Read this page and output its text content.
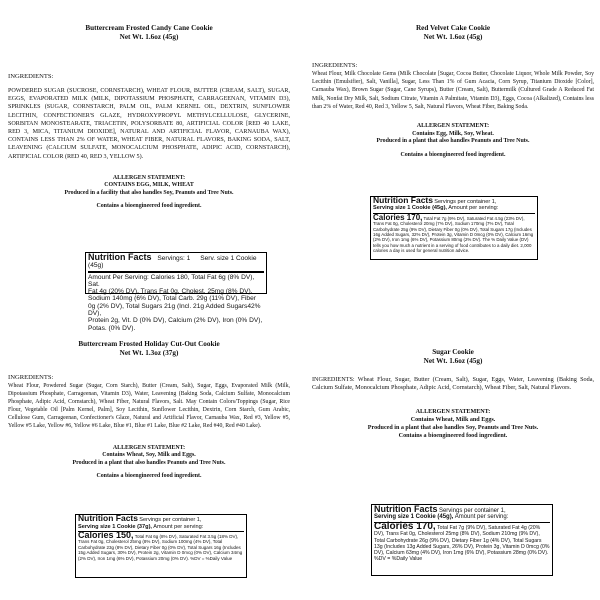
Buttercream Frosted Candy Cane Cookie
Net Wt. 1.6oz (45g)
INGREDIENTS:
POWDERED SUGAR (SUCROSE, CORNSTARCH), WHEAT FLOUR, BUTTER (CREAM, SALT), SUGAR, EGGS, EVAPORATED MILK (MILK, DIPOTASSIUM PHOSPHATE, CARRAGEENAN, VITAMIN D3), SPRINKLES (SUGAR, CORNSTARCH, PALM OIL, PALM KERNEL OIL, DEXTRIN, SUNFLOWER LECITHIN, CONFECTIONER'S GLAZE, HYDROXYPROPYL METHYLCELLULOSE, GLYCERINE, SORBITAN MONOSTEARATE, TRIACETIN, POLYSORBATE 80, ARTIFICIAL COLOR [RED 40 LAKE, RED 3, MICA, TITANIUM DIOXIDE], NATURAL AND ARTIFICIAL FLAVOR, CARNAUBA WAX), CONTAINS LESS THAN 2% OF WATER, WHEAT FIBER, NATURAL FLAVORS, BAKING SODA, SALT, LEAVENING (CALCIUM SULFATE, MONOCALCIUM PHOSPHATE, ADIPIC ACID, CORNSTARCH), ARTIFICIAL COLOR (RED 40, RED 3, YELLOW 5).
ALLERGEN STATEMENT:
CONTAINS EGG, MILK, WHEAT
Produced in a facility that also handles Soy, Peanuts and Tree Nuts.
Contains a bioengineered food ingredient.
Nutrition Facts Servings: 1 Serv. size 1 Cookie (45g)
Amount Per Serving: Calories 180, Total Fat 6g (8% DV), Sat.
Fat 4g (20% DV), Trans Fat 0g, Cholest. 25mg (8% DV),
Sodium 140mg (6% DV), Total Carb. 29g (11% DV), Fiber
0g (2% DV), Total Sugars 21g (Incl. 21g Added Sugars42% DV),
Protein 2g, Vit. D (0% DV), Calcium (2% DV), Iron (0% DV),
Potas. (0% DV).
Red Velvet Cake Cookie
Net Wt. 1.6oz (45g)
INGREDIENTS:
Wheat Flour, Milk Chocolate Gems (Milk Chocolate [Sugar, Cocoa Butter, Chocolate Liquor, Whole Milk Powder, Soy Lecithin (Emulsifier), Salt, Vanilla], Sugar, Less Than 1% of Gum Acacia, Corn Syrup, Titanium Dioxide [Color], Carnauba Wax), Brown Sugar (Sugar, Cane Syrups), Butter (Cream, Salt), Buttermilk (Cultured Grade A Reduced Fat Milk, Nonfat Dry Milk, Salt, Sodium Citrate, Vitamin A Palmitate, Vitamin D3), Eggs, Cocoa (Alkalized), Contains less than 2% of Water, Red 40, Red 3, Yellow 5, Salt, Natural Flavors, Wheat Fiber, Baking Soda.
ALLERGEN STATEMENT:
Contains Egg, Milk, Soy, Wheat.
Produced in a plant that also handles Peanuts and Tree Nuts.
Contains a bioengineered food ingredient.
Nutrition Facts Servings per container 1,
Serving size 1 Cookie (45g), Amount per serving:
Calories 170, Total Fat 7g (9% DV), Saturated Fat 4.5g (23% DV), Trans Fat 0g, Cholesterol 20mg (7% DV), Sodium 170mg (7% DV), Total Carbohydrate 25g (9% DV), Dietary Fiber 0g (0% DV), Total Sugars 17g (Includes 16g Added Sugars, 32% DV), Protein 3g, Vitamin D 0mcg (0% DV), Calcium 16mg (2% DV), Iron 1mg (6% DV), Potassium 80mg (2% DV). The % Daily Value (DV) tells you how much a nutrient in a serving of food contributes to a daily diet. 2,000 calories a day is used for general nutrition advice.
Buttercream Frosted Holiday Cut-Out Cookie
Net Wt. 1.3oz (37g)
INGREDIENTS:
Wheat Flour, Powdered Sugar (Sugar, Corn Starch), Butter (Cream, Salt), Sugar, Eggs, Evaporated Milk (Milk, Dipotassium Phosphate, Carrageenan, Vitamin D3), Water, Leavening (Baking Soda, Calcium Sulfate, Monocalcium Phosphate, Adipic Acid, Cornstarch), Wheat Fiber, Natural Flavors, Salt. May Contain Colors/Toppings (Sugar, Rice Flour, Vegetable Oil [Palm Kernel, Palm], Soy Lecithin, Sunflower Lecithin, Dextrin, Corn Starch, Gum Arabic, Cellulose Gum, Carrageenan, Confectioner's Glaze, Natural and Artificial Flavor, Carnauba Wax, Red #3, Yellow #5, Yellow #5 Lake, Yellow #6, Yellow #6 Lake, Blue #1, Blue #1 Lake, Blue #2 Lake, Red #40, Red #40 Lake).
ALLERGEN STATEMENT:
Contains Wheat, Soy, Milk and Eggs.
Produced in a plant that also handles Peanuts and Tree Nuts.
Contains a bioengineered food ingredient.
Nutrition Facts Servings per container 1,
Serving size 1 Cookie (37g), Amount per serving:
Calories 150, Total Fat 6g (8% DV), Saturated Fat 3.5g (18% DV), Trans Fat 0g, Cholesterol 25mg (8% DV), Sodium 100mg (4% DV), Total Carbohydrate 23g (8% DV), Dietary Fiber 0g (0% DV), Total Sugars 16g (Includes 15g Added Sugars, 30% DV), Protein 2g, Vitamin D 0mcg (0% DV), Calcium 34mg (2% DV), Iron 1mg (6% DV), Potassium 20mg (0% DV). %DV = %Daily Value
Sugar Cookie
Net Wt. 1.6oz (45g)
INGREDIENTS: Wheat Flour, Sugar, Butter (Cream, Salt), Sugar, Eggs, Water, Leavening (Baking Soda, Calcium Sulfate, Monocalcium Phosphate, Adipic Acid, Cornstarch), Wheat Fiber, Salt, Natural Flavors.
ALLERGEN STATEMENT:
Contains Wheat, Milk and Eggs.
Produced in a plant that also handles Soy, Peanuts and Tree Nuts.
Contains a bioengineered food ingredient.
Nutrition Facts Servings per container 1,
Serving size 1 Cookie (45g), Amount per serving:
Calories 170, Total Fat 7g (9% DV), Saturated Fat 4g (20% DV), Trans Fat 0g, Cholesterol 25mg (8% DV), Sodium 210mg (9% DV), Total Carbohydrate 26g (9% DV), Dietary Fiber 1g (4% DV), Total Sugars 13g (Includes 13g Added Sugars, 26% DV), Protein 3g, Vitamin D 0mcg (0% DV), Calcium 63mg (4% DV), Iron 1mg (6% DV), Potassium 28mg (0% DV). %DV = %Daily Value
